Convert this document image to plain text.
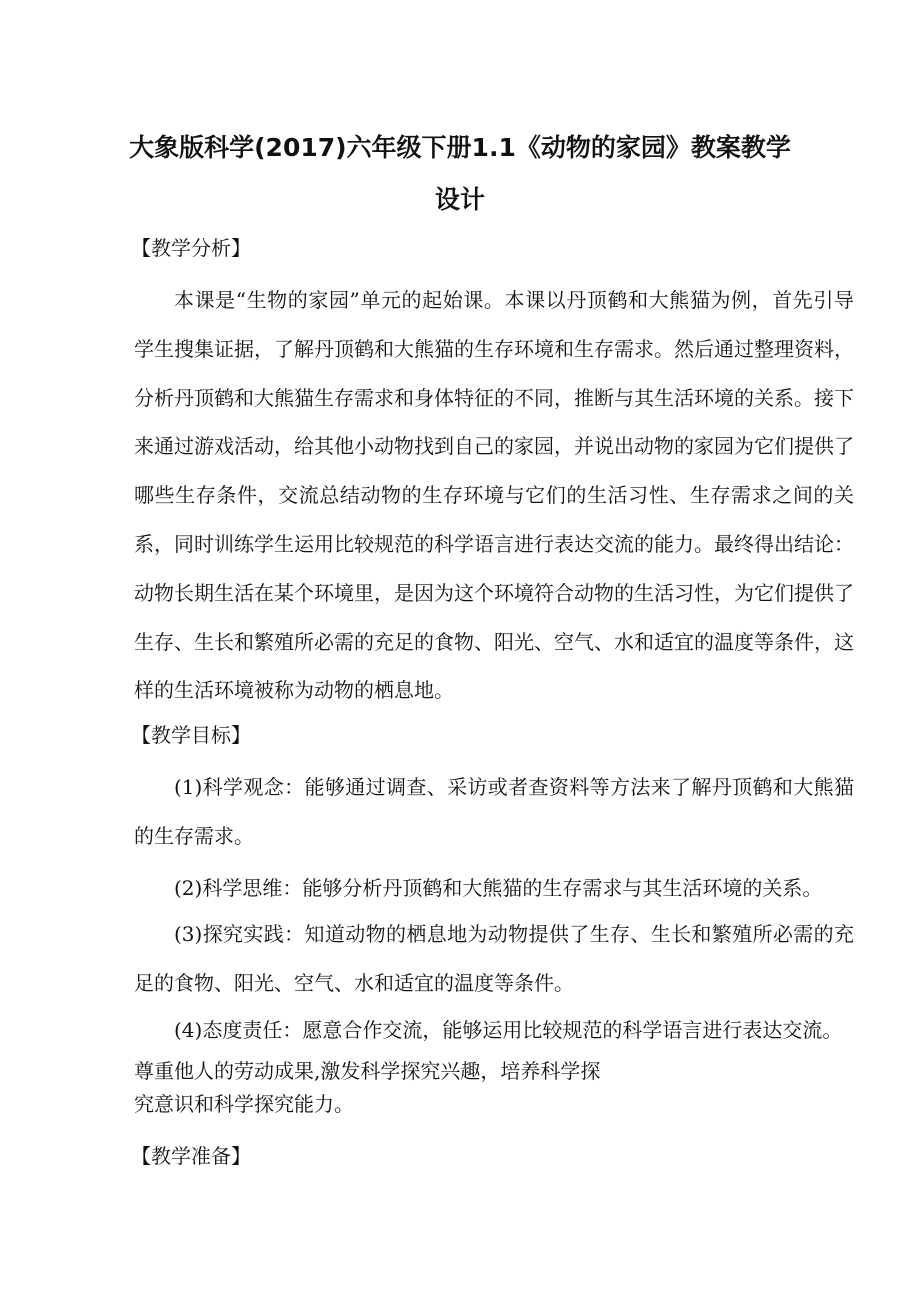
大象版科学(2017)六年级下册1.1《动物的家园》教案教学
设计
【教学分析】

本课是“生物的家园”单元的起始课。本课以丹顶鹤和大熊猫为例，首先引导学生搜集证据，了解丹顶鹤和大熊猫的生存环境和生存需求。然后通过整理资料，分析丹顶鹤和大熊猫生存需求和身体特征的不同，推断与其生活环境的关系。接下来通过游戏活动，给其他小动物找到自己的家园，并说出动物的家园为它们提供了哪些生存条件，交流总结动物的生存环境与它们的生活习性、生存需求之间的关系，同时训练学生运用比较规范的科学语言进行表达交流的能力。最终得出结论：动物长期生活在某个环境里，是因为这个环境符合动物的生活习性，为它们提供了生存、生长和繁殖所必需的充足的食物、阳光、空气、水和适宜的温度等条件，这样的生活环境被称为动物的栖息地。

【教学目标】

(1)科学观念：能够通过调查、采访或者查资料等方法来了解丹顶鹤和大熊猫的生存需求。

(2)科学思维：能够分析丹顶鹤和大熊猫的生存需求与其生活环境的关系。

(3)探究实践：知道动物的栖息地为动物提供了生存、生长和繁殖所必需的充足的食物、阳光、空气、水和适宜的温度等条件。

(4)态度责任：愿意合作交流，能够运用比较规范的科学语言进行表达交流。

尊重他人的劳动成果,激发科学探究兴趣，培养科学探

究意识和科学探究能力。

【教学准备】
